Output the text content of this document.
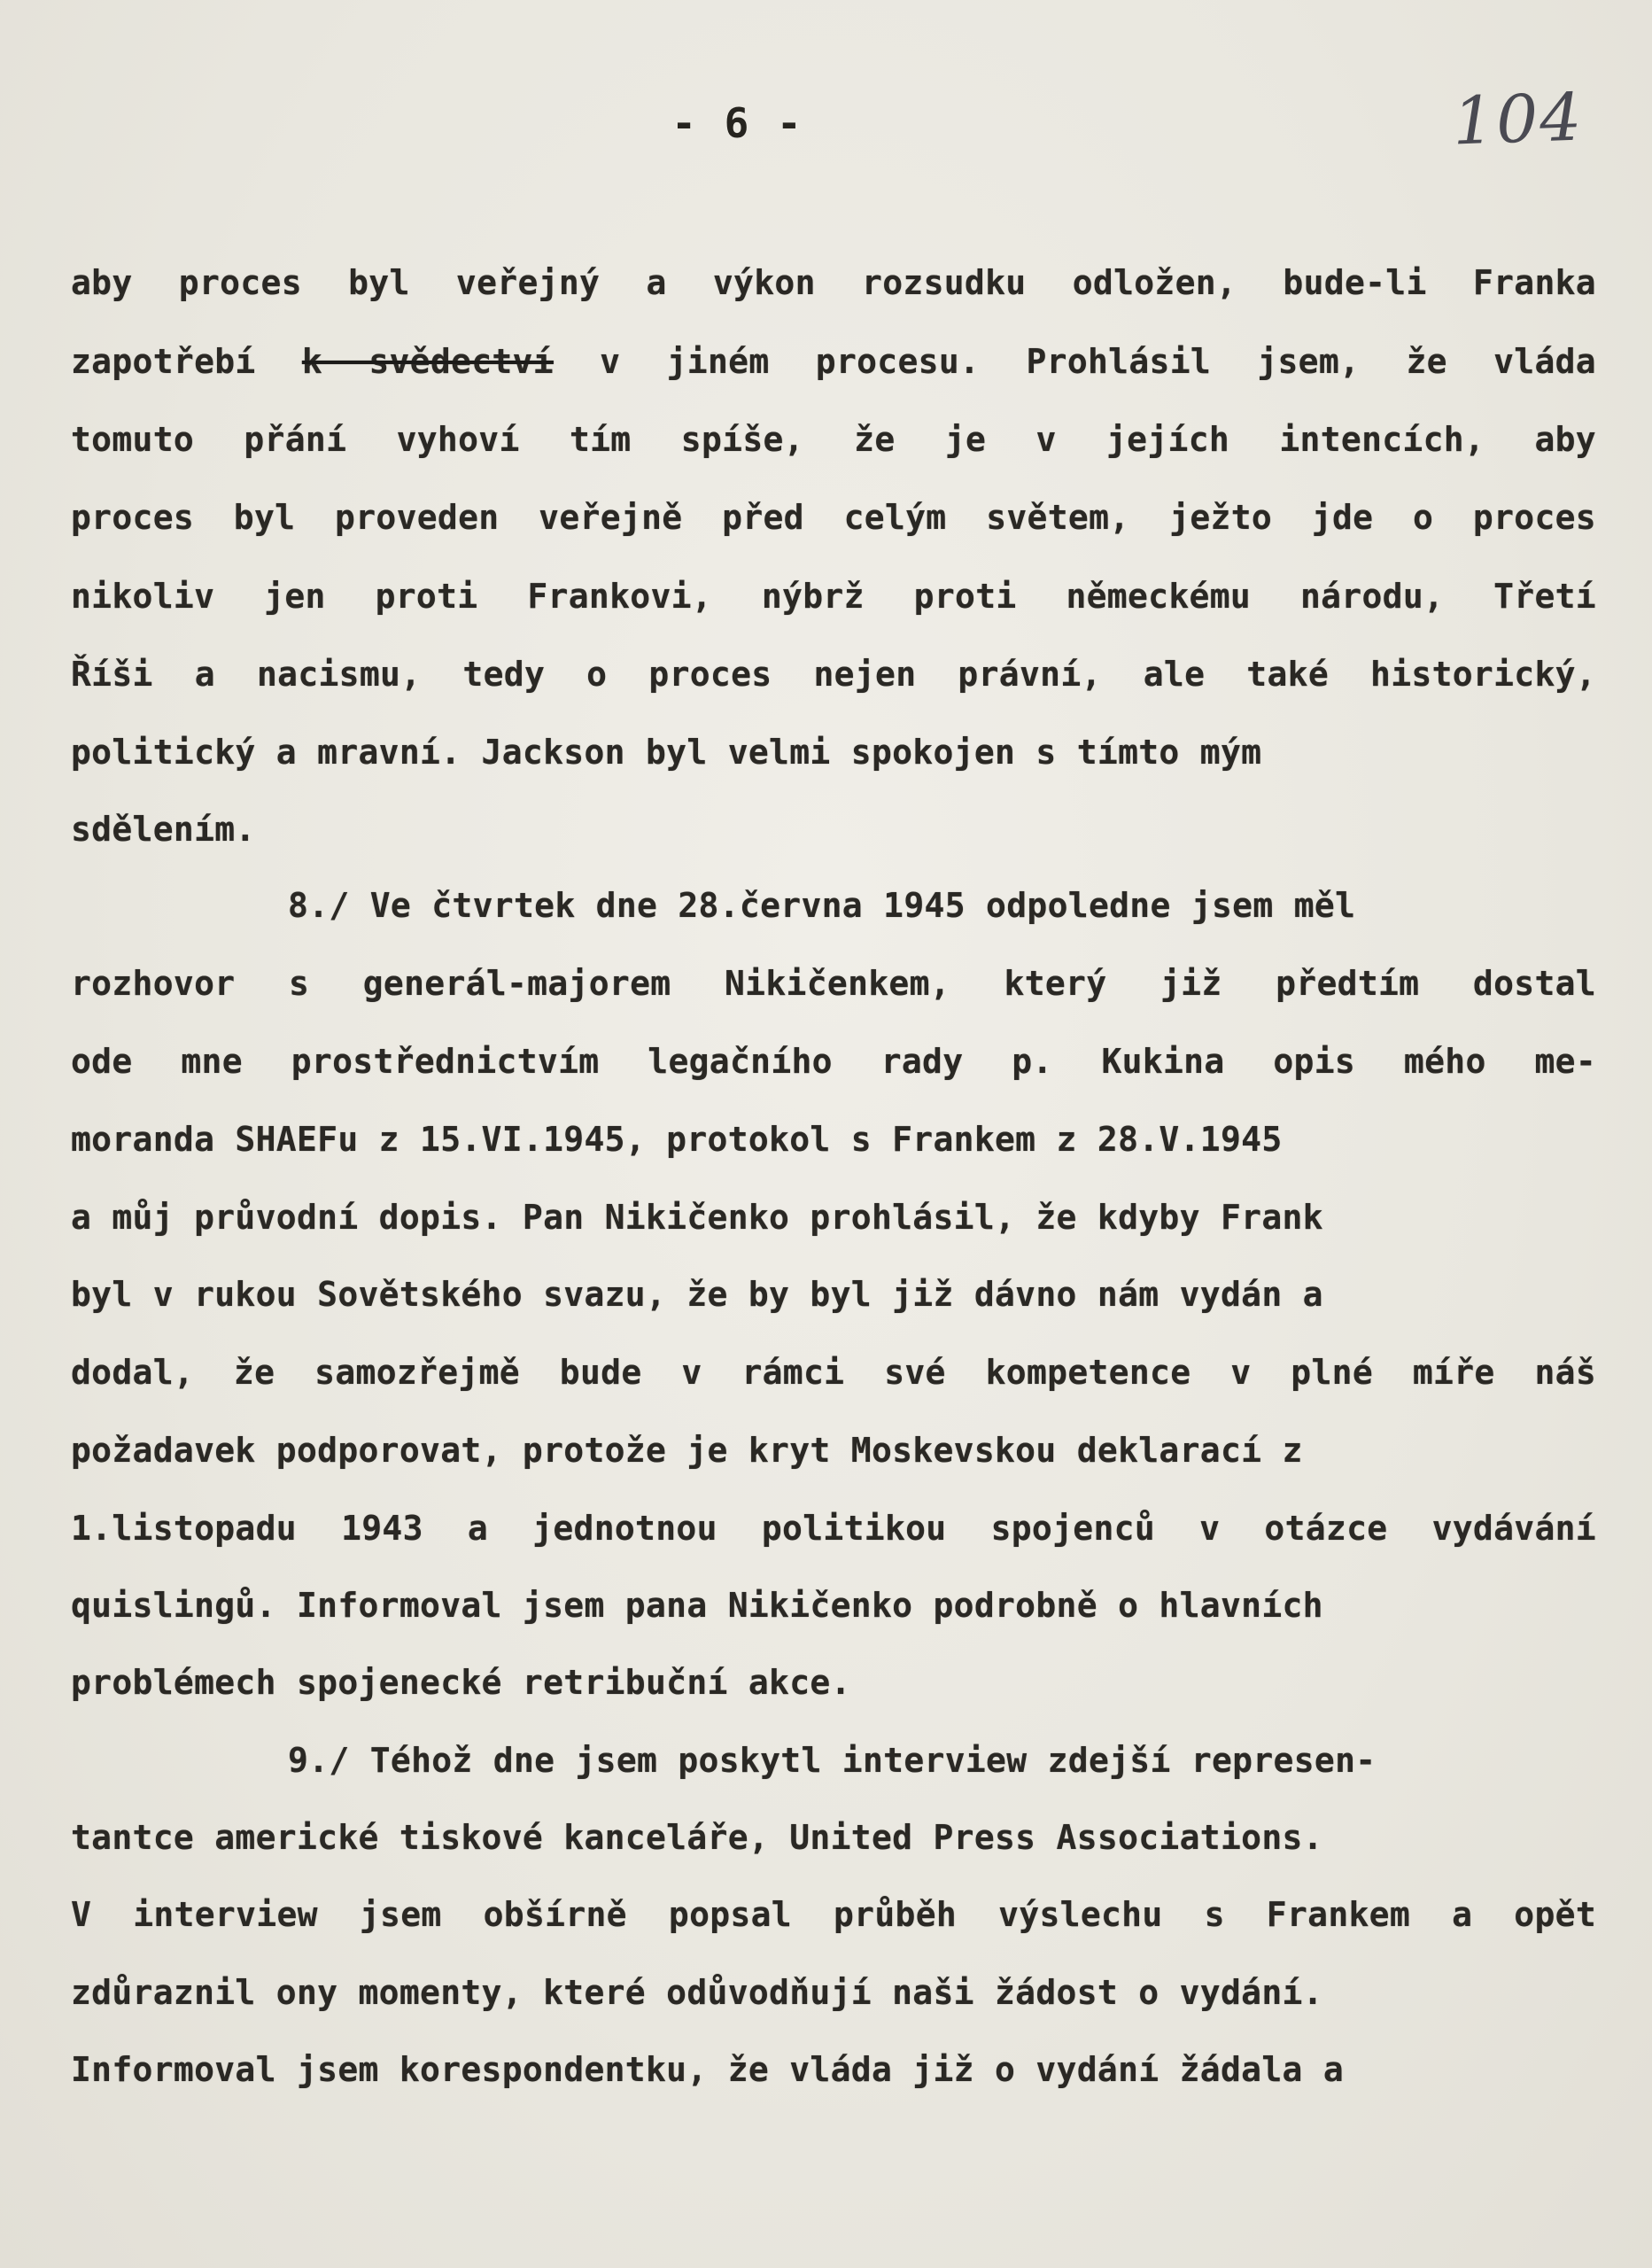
- 6 -	104
aby proces byl veřejný a výkon rozsudku odložen, bude-li Franka
zapotřebí k svědectví v jiném procesu. Prohlásil jsem, že vláda
tomuto přání vyhoví tím spíše, že je v jejích intencích, aby
proces byl proveden veřejně před celým světem, ježto jde o proces
nikoliv jen proti Frankovi, nýbrž proti německému národu, Třetí
Říši a nacismu, tedy o proces nejen právní, ale také historický,
politický a mravní. Jackson byl velmi spokojen s tímto mým
sdělením.
8./ Ve čtvrtek dne 28.června 1945 odpoledne jsem měl
rozhovor s generál-majorem Nikičenkem, který již předtím dostal
ode mne prostřednictvím legačního rady p. Kukina opis mého me-
moranda SHAEFu z 15.VI.1945, protokol s Frankem z 28.V.1945
a můj průvodní dopis. Pan Nikičenko prohlásil, že kdyby Frank
byl v rukou Sovětského svazu, že by byl již dávno nám vydán a
dodal, že samozřejmě bude v rámci své kompetence v plné míře náš
požadavek podporovat, protože je kryt Moskevskou deklarací z
1.listopadu 1943 a jednotnou politikou spojenců v otázce vydávání
quislingů. Informoval jsem pana Nikičenko podrobně o hlavních
problémech spojenecké retribuční akce.
9./ Téhož dne jsem poskytl interview zdejší represen-
tantce americké tiskové kanceláře, United Press Associations.
V interview jsem obšírně popsal průběh výslechu s Frankem a opět
zdůraznil ony momenty, které odůvodňují naši žádost o vydání.
Informoval jsem korespondentku, že vláda již o vydání žádala a
